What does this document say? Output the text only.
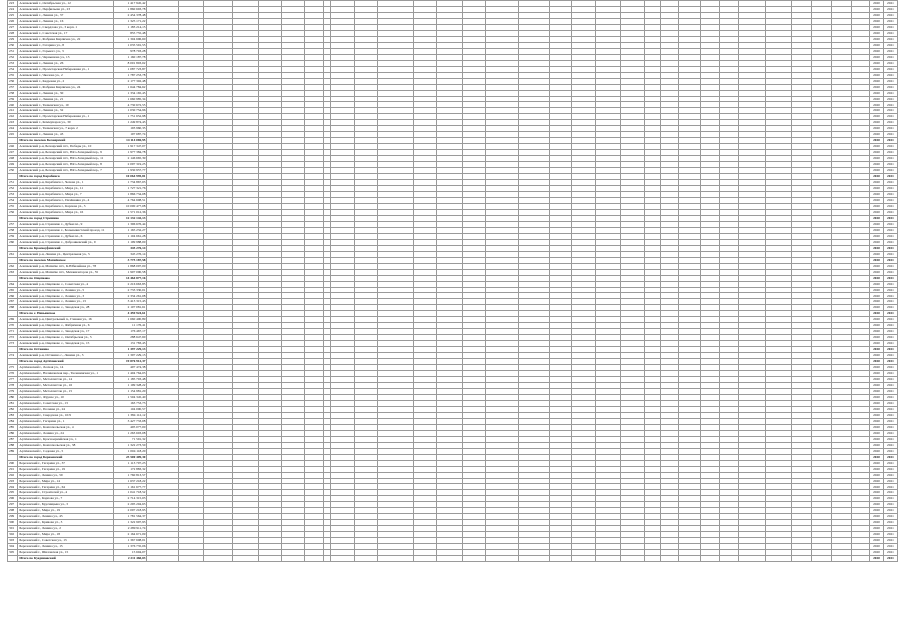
223	Алапаевский г., Октябрьская ул., 12	1 417 945,42																																2020	2021
224	Алапаевский г., Перфильева ул., 23	1 860 693,78																																2020	2021
225	Алапаевский г., Ленина ул., 37	2 454 378,48																																2020	2021
226	Алапаевский г., Ленина ул., 16	1 325 171,22																																2020	2021
227	Алапаевский г., Свердлова ул., 3 корп. 1	1 183 214,15																																2020	2021
228	Алапаевский г., Советская ул., 17	855 755,48																																2020	2021
229	Алапаевский г., Фабрика Кирпична ул., 22	1 304 696,60																																2020	2021
230	Алапаевский г., Гагарина ул., 8	1 035 591,55																																2020	2021
231	Алапаевский г., Горького ул., 3	978 703,28																																2020	2021
232	Алапаевский г., Чернышова ул., 13	1 160 187,78																																2020	2021
233	Алапаевский г., Ленина ул., 26	8 001 803,02																																2020	2021
234	Алапаевский г., Пролетарская Набережная ул., 1	1 087 723,87																																2020	2021
235	Алапаевский г., Чкалова ул., 2	1 787 253,78																																2020	2021
236	Алапаевский г., Кедровая ул., 2	2 177 302,48																																2020	2021
237	Алапаевский г., Фабрика Кирпична ул., 24	1 644 784,62																																2020	2021
238	Алапаевский г., Ленина ул., 30	1 334 165,45																																2020	2021
239	Алапаевский г., Ленина ул., 21	1 660 985,34																																2020	2021
240	Алапаевский г., Тюменская ул., 10	4 730 672,55																																2020	2021
241	Алапаевский г., Ленина ул., 32	1 030 754,96																																2020	2021
242	Алапаевский г., Пролетарская Набережная ул., 1	1 751 652,98																																2020	2021
243	Алапаевский г., Коммунаров ул., 30	1 249 874,43																																2020	2021
244	Алапаевский г., Тюменская ул., 7 корп. 2	193 960,35																																2020	2021
245	Алапаевский г., Ленина ул., 43	197 687,74																																2020	2021
	Итого по поселок Белоярский	14 114 069,95																																2020	2021
246	Алапаевский р-н, Белоярский пгт., Победы ул., 10	1 917 347,07																																2020	2021
247	Алапаевский р-н, Белоярский пгт., Юго-Западный пер., 9	1 977 384,78																																2020	2021
248	Алапаевский р-н, Белоярский пгт., Юго-Западный пер., 11	2 146 665,39																																2020	2021
249	Алапаевский р-н, Белоярский пгт., Юго-Западный пер., 8	2 097 319,25																																2020	2021
250	Алапаевский р-н, Белоярский пгт., Юго-Западный пер., 7	1 930 957,77																																2020	2021
	Итого по город Карабинск	10 064 995,81																																2020	2021
251	Алапаевский р-н, Карабинск г., Чехова ул., 1	1 734 867,03																																2020	2021
252	Алапаевский р-н, Карабинск г., Мира ул., 11	1 727 321,76																																2020	2021
253	Алапаевский р-н, Карабинск г., Мира ул., 7	1 866 734,08																																2020	2021
254	Алапаевский р-н, Карабинск г., Печёнкина ул., 4	4 764 608,51																																2020	2021
255	Алапаевский р-н, Карабинск г., Карпова ул., 3	10 000 477,08																																2020	2021
256	Алапаевский р-н, Карабинск г., Мира ул., 16	1 571 012,36																																2020	2021
	Итого по город Стрешино	12 132 142,13																																2020	2021
257	Алапаевский р-н, Стрешино г., Дубки пл., 9	1 396 676,44																																2020	2021
258	Алапаевский р-н, Стрешино г., Большевистский проезд, 11	1 165 232,27																																2020	2021
259	Алапаевский р-н, Стрешино г., Дубки пл., 6	1 104 661,28																																2020	2021
260	Алапаевский р-н, Стрешино г., Доброниевский ул., 9	1 199 988,00																																2020	2021
	Итого по Красноуфимский	345 276,14																																2020	2021
261	Алапаевский р-н, Ленина ул., Центральная ул., 5	345 276,14																																2020	2021
	Итого по поселок Махнёвское	3 775 187,58																																2020	2021
262	Алапаевский р-н, Махнёво пгт., К.Юбилейная ул., 78	1 868 097,00																																2020	2021
263	Алапаевский р-н, Махнёво пгт., Механизаторов ул., 55	1 907 090,58																																2020	2021
	Итого по Ощепково	14 464 877,16																																2020	2021
264	Алапаевский р-н, Ощепково с., Советская ул., 4	2 216 663,85																																2020	2021
265	Алапаевский р-н, Ощепково с., Ленина ул., 5	2 733 330,01																																2020	2021
266	Алапаевский р-н, Ощепково с., Ленина ул., 3	2 334 261,08																																2020	2021
267	Алапаевский р-н, Ощепково с., Ленина ул., 13	3 413 315,43																																2020	2021
268	Алапаевский р-н, Ощепково с., Заводская ул., 28	2 107 081,61																																2020	2021
	Итого по с. Невьянское	4 459 924,61																																2020	2021
269	Алапаевский р-н, Центральный п., Главная ул., 16	1 660 400,89																																2020	2021
270	Алапаевский р-н, Ощепково с., Фабричная ул., 6	11 176,41																																2020	2021
271	Алапаевский р-н, Ощепково с., Заводская ул., 17	176 467,17																																2020	2021
272	Алапаевский р-н, Ощепково с., Октябрьская ул., 5	288 647,60																																2020	2021
273	Алапаевский р-н, Ощепково с., Заводская ул., 15	131 783,45																																2020	2021
	Итого по Останино	1 397 229,13																																2020	2021
274	Алапаевский р-н, Останино с., Ленина ул., 3	1 397 229,13																																2020	2021
	Итого по город Артёмовский	19 876 912,37																																2020	2021
275	Артёмовский г., Лесная ул., 14	497 474,38																																2020	2021
276	Артёмовский г., Налимовская пер., Тюленинская ул., 1	1 404 764,03																																2020	2021
277	Артёмовский г., Металлистов ул., 14	1 185 703,48																																2020	2021
278	Артёмовский г., Металлистов ул., 16	1 199 328,22																																2020	2021
279	Артёмовский г., Металлистов ул., 15	1 154 981,20																																2020	2021
280	Артёмовский г., Фрунзе ул., 10	1 504 345,40																																2020	2021
281	Артёмовский г., Советская ул., 13	163 753,73																																2020	2021
282	Артёмовский г., Полевая ул., 24	104 000,57																																2020	2021
283	Артёмовский г., Свердлова ул., 10/9	1 384 112,12																																2020	2021
284	Артёмовский г., Гагарина ул., 1	3 427 733,08																																2020	2021
285	Артёмовский г., Комсомольская ул., 4	495 077,00																																2020	2021
286	Артёмовский г., Ленина ул., 24	1 263 603,08																																2020	2021
287	Артёмовский г., Красноармейская ул., 1	71 591,32																																2020	2021
288	Артёмовский г., Комсомольская ул., 38	1 322 273,50																																2020	2021
289	Артёмовский г., Садовая ул., 5	1 004 118,20																																2020	2021
	Итого по город Березовский	23 500 409,30																																2020	2021
290	Березовский г., Гагарина ул., 37	1 113 707,23																																2020	2021
291	Березовский г., Гагарина ул., 19	172 883,32																																2020	2021
292	Березовский г., Ленина ул., 59	1 760 813,57																																2020	2021
293	Березовский г., Мира ул., 14	1 637 218,22																																2020	2021
294	Березовский г., Гагарина ул., 64	1 161 677,77																																2020	2021
295	Березовский г., Строителей ул., 4	1 041 718,52																																2020	2021
296	Березовский г., Карпова ул., 7	2 714 315,03																																2020	2021
297	Березовский г., Брусницына ул., 3	2 295 204,63																																2020	2021
298	Березовский г., Мира ул., 19	2 097 218,95																																2020	2021
299	Березовский г., Ленина ул., 45	1 781 564,37																																2020	2021
300	Березовский г., Кривова ул., 3	1 322 997,93																																2020	2021
301	Березовский г., Ленина ул., 2	2 289 911,74																																2020	2021
302	Березовский г., Мира ул., 18	2 164 671,09																																2020	2021
303	Березовский г., Советская ул., 13	1 367 608,01																																2020	2021
304	Березовский г., Ленина ул., 15	1 376 735,06																																2020	2021
305	Березовский г., Шиловская ул., 15	15 604,07																																2020	2021
	Итого по Куединовский	2 211 460,03																																2020	2021
